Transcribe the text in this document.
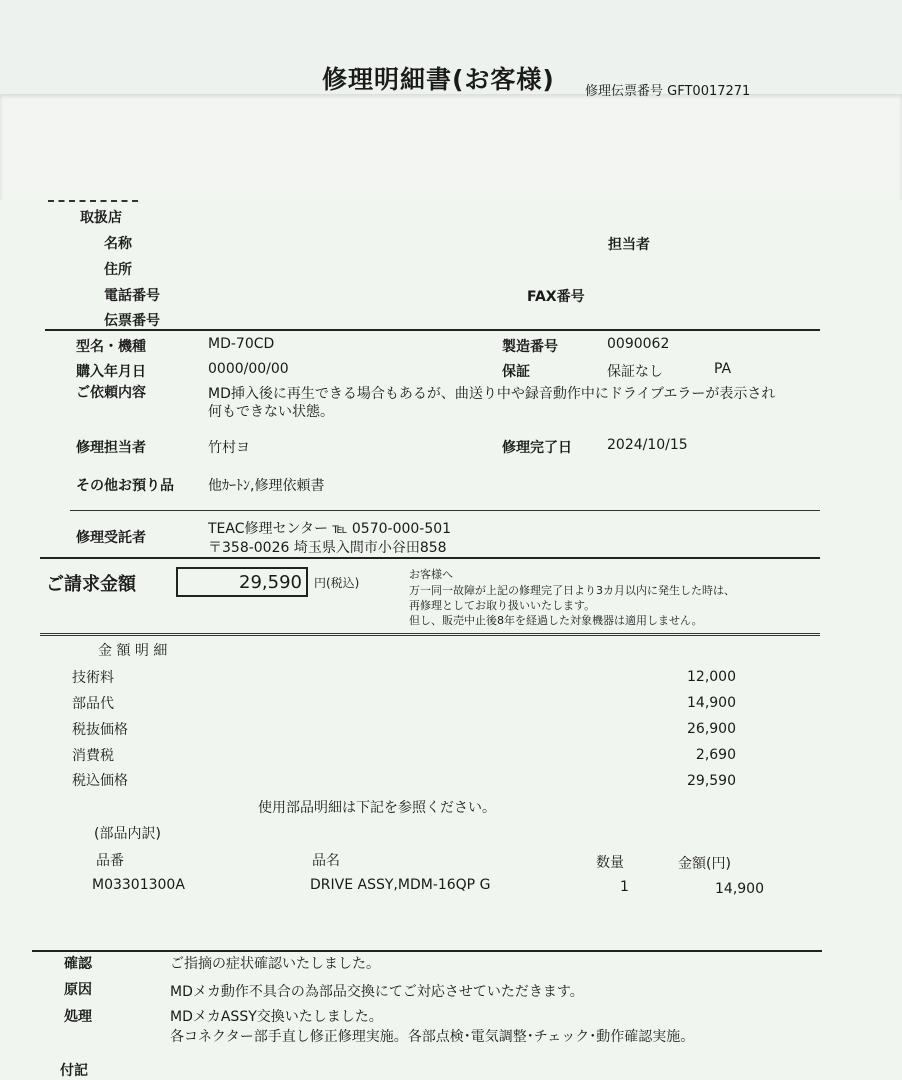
修理明細書(お客様) 修理伝票番号 GFT0017271
取扱店
名称
住所
電話番号
伝票番号
担当者
FAX番号
型名・機種	MD-70CD	製造番号	0090062
購入年月日	0000/00/00	保証	保証なし	PA
ご依頼内容	MD挿入後に再生できる場合もあるが、曲送り中や録音動作中にドライブエラーが表示され
何もできない状態。
修理担当者	竹村ヨ	修理完了日	2024/10/15
その他お預り品 他ｶｰﾄﾝ,修理依頼書
修理受託者
TEAC修理センター ℡ 0570-000-501
〒358-0026 埼玉県入間市小谷田858
ご請求金額	29,590 円(税込)
お客様へ
万一同一故障が上記の修理完了日より3カ月以内に発生した時は、
再修理としてお取り扱いいたします。
但し、販売中止後8年を経過した対象機器は適用しません。
金 額 明 細
技術料	12,000
部品代	14,900
税抜価格	26,900
消費税	2,690
税込価格	29,590
使用部品明細は下記を参照ください。
(部品内訳)
品番	品名	数量	金額(円)
M03301300A	DRIVE ASSY,MDM-16QP G	1	14,900
確認	ご指摘の症状確認いたしました。
原因	MDメカ動作不具合の為部品交換にてご対応させていただきます。
処理	MDメカASSY交換いたしました。
各コネクター部手直し修正修理実施。各部点検･電気調整･チェック･動作確認実施。
付記
